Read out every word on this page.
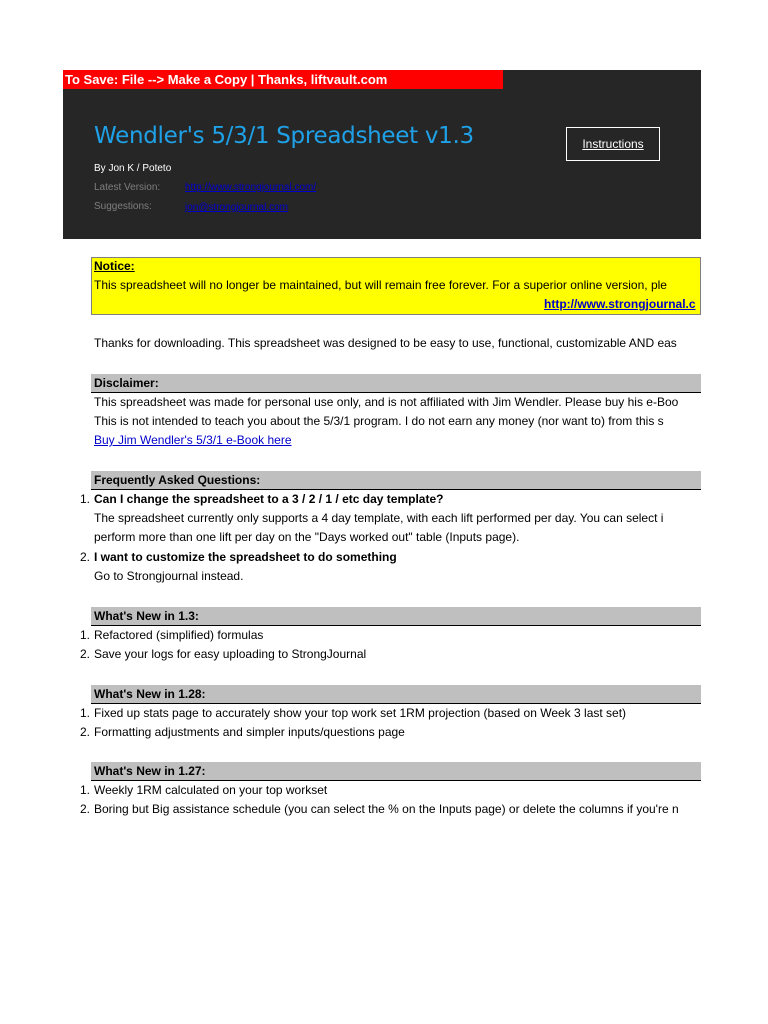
To Save: File --> Make a Copy | Thanks, liftvault.com
Wendler's 5/3/1 Spreadsheet v1.3
By Jon K / Poteto
Latest Version: http://www.strongjournal.com/
Suggestions:	jon@strongjournal.com
Instructions
Notice:
This spreadsheet will no longer be maintained, but will remain free forever. For a superior online version, ple
http://www.strongjournal.c
Thanks for downloading. This spreadsheet was designed to be easy to use, functional, customizable AND eas
Disclaimer:
This spreadsheet was made for personal use only, and is not affiliated with Jim Wendler. Please buy his e-Boo
This is not intended to teach you about the 5/3/1 program. I do not earn any money (nor want to) from this s
Buy Jim Wendler's 5/3/1 e-Book here
Frequently Asked Questions:
1. Can I change the spreadsheet to a 3 / 2 / 1 / etc day template?
The spreadsheet currently only supports a 4 day template, with each lift performed per day. You can select i
perform more than one lift per day on the "Days worked out" table (Inputs page).
2. I want to customize the spreadsheet to do something
Go to Strongjournal instead.
What's New in 1.3:
1. Refactored (simplified) formulas
2. Save your logs for easy uploading to StrongJournal
What's New in 1.28:
1. Fixed up stats page to accurately show your top work set 1RM projection (based on Week 3 last set)
2. Formatting adjustments and simpler inputs/questions page
What's New in 1.27:
1. Weekly 1RM calculated on your top workset
2. Boring but Big assistance schedule (you can select the % on the Inputs page) or delete the columns if you're n
